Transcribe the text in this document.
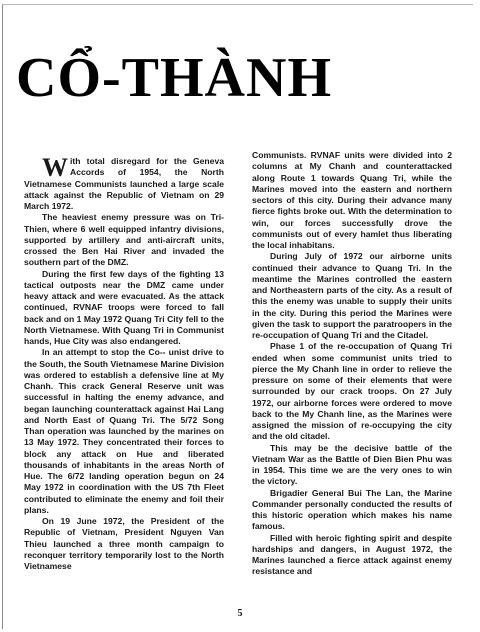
CỔ-THÀNH

With total disregard for the Geneva Accords of 1954, the North Vietnamese Communists launched a large scale attack against the Republic of Vietnam on 29 March 1972.

The heaviest enemy pressure was on Tri-Thien, where 6 well equipped infantry divisions, supported by artillery and anti-aircraft units, crossed the Ben Hai River and invaded the southern part of the DMZ.

During the first few days of the fighting 13 tactical outposts near the DMZ came under heavy attack and were evacuated. As the attack continued, RVNAF troops were forced to fall back and on 1 May 1972 Quang Tri City fell to the North Vietnamese. With Quang Tri in Communist hands, Hue City was also endangered.

In an attempt to stop the Co-- unist drive to the South, the South Vietnamese Marine Division was ordered to establish a defensive line at My Chanh. This crack General Reserve unit was successful in halting the enemy advance, and began launching counterattack against Hai Lang and North East of Quang Tri. The 5/72 Song Than operation was launched by the marines on 13 May 1972. They concentrated their forces to block any attack on Hue and liberated thousands of inhabitants in the areas North of Hue. The 6/72 landing operation begun on 24 May 1972 in coordination with the US 7th Fleet contributed to eliminate the enemy and foil their plans.

On 19 June 1972, the President of the Republic of Vietnam, President Nguyen Van Thieu launched a three month campaign to reconquer territory temporarily lost to the North Vietnamese

Communists. RVNAF units were divided into 2 columns at My Chanh and counterattacked along Route 1 towards Quang Tri, while the Marines moved into the eastern and northern sectors of this city. During their advance many fierce fights broke out. With the determination to win, our forces successfully drove the communists out of every hamlet thus liberating the local inhabitans.

During July of 1972 our airborne units continued their advance to Quang Tri. In the meantime the Marines controlled the eastern and Northeastern parts of the city. As a result of this the enemy was unable to supply their units in the city. During this period the Marines were given the task to support the paratroopers in the re-occupation of Quang Tri and the Citadel.

Phase 1 of the re-occupation of Quang Tri ended when some communist units tried to pierce the My Chanh line in order to relieve the pressure on some of their elements that were surrounded by our crack troops. On 27 July 1972, our airborne forces were ordered to move back to the My Chanh line, as the Marines were assigned the mission of re-occupying the city and the old citadel.

This may be the decisive battle of the Vietnam War as the Battle of Dien Bien Phu was in 1954. This time we are the very ones to win the victory.

Brigadier General Bui The Lan, the Marine Commander personally conducted the results of this historic operation which makes his name famous.

Filled with heroic fighting spirit and despite hardships and dangers, in August 1972, the Marines launched a fierce attack against enemy resistance and

5
